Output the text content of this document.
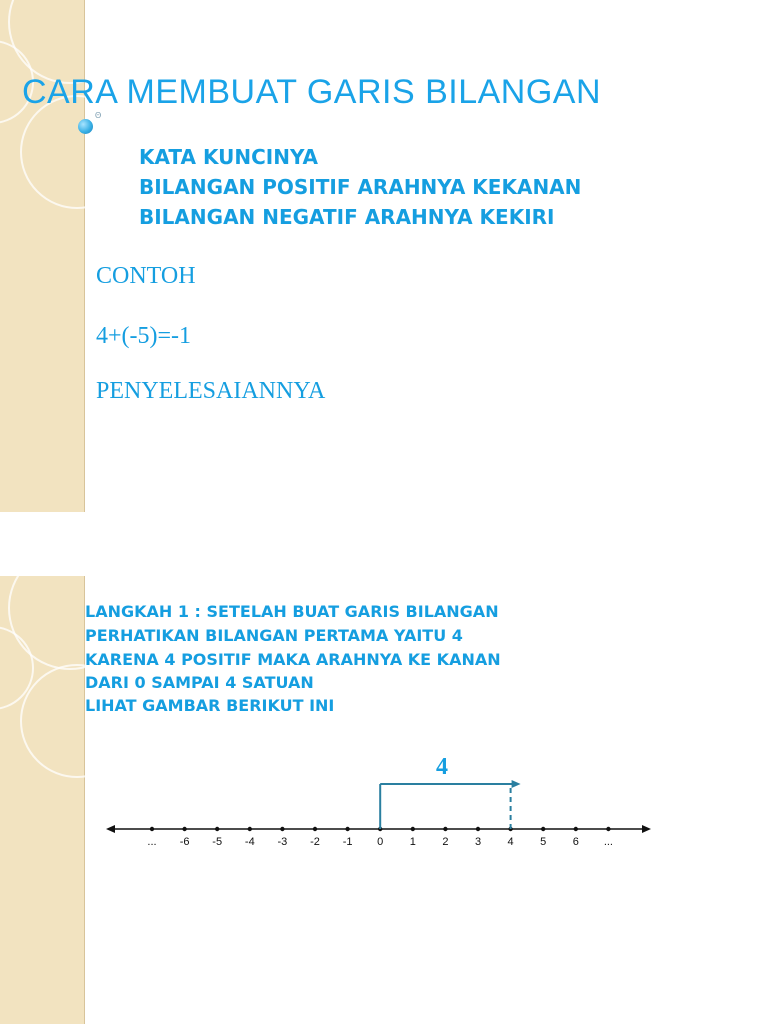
CARA MEMBUAT GARIS BILANGAN
Θ

KATA KUNCINYA

BILANGAN POSITIF ARAHNYA KEKANAN

BILANGAN NEGATIF ARAHNYA KEKIRI

CONTOH

4+(-5)=-1

PENYELESAIANNYA

LANGKAH 1 : SETELAH BUAT GARIS BILANGAN

PERHATIKAN BILANGAN PERTAMA YAITU 4

KARENA 4 POSITIF MAKA ARAHNYA KE KANAN

DARI 0 SAMPAI 4 SATUAN

LIHAT GAMBAR BERIKUT INI

4
... -6 -5 -4 -3 -2 -1 0 1 2 3 4 5 6 ...
